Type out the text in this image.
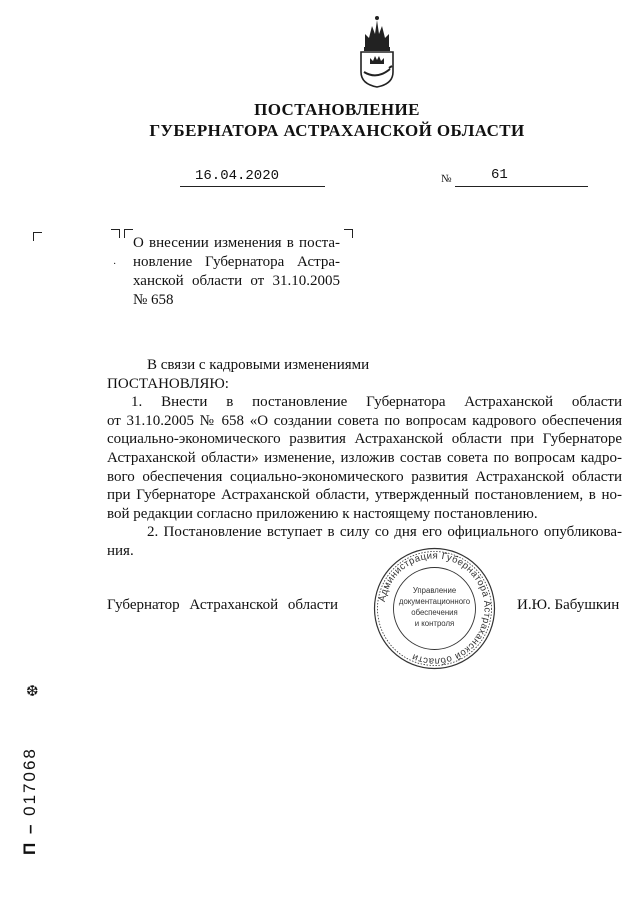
ПОСТАНОВЛЕНИЕ
ГУБЕРНАТОРА АСТРАХАНСКОЙ ОБЛАСТИ
16.04.2020	№	61
·
О внесении изменения в поста-
новление Губернатора Астра-
ханской области от 31.10.2005
№ 658
В связи с кадровыми изменениями
ПОСТАНОВЛЯЮ:
1. Внести в постановление Губернатора Астраханской области
от 31.10.2005 № 658 «О создании совета по вопросам кадрового обеспечения
социально-экономического развития Астраханской области при Губернаторе
Астраханской области» изменение, изложив состав совета по вопросам кадро-
вого обеспечения социально-экономического развития Астраханской области
при Губернаторе Астраханской области, утвержденный постановлением, в но-
вой редакции согласно приложению к настоящему постановлению.
2. Постановление вступает в силу со дня его официального опубликова-
ния.
Губернатор Астраханской области	И.Ю. Бабушкин
Администрация Губернатора Астраханской области
Управление
документационного
обеспечения
и контроля
❆
П – 017068
